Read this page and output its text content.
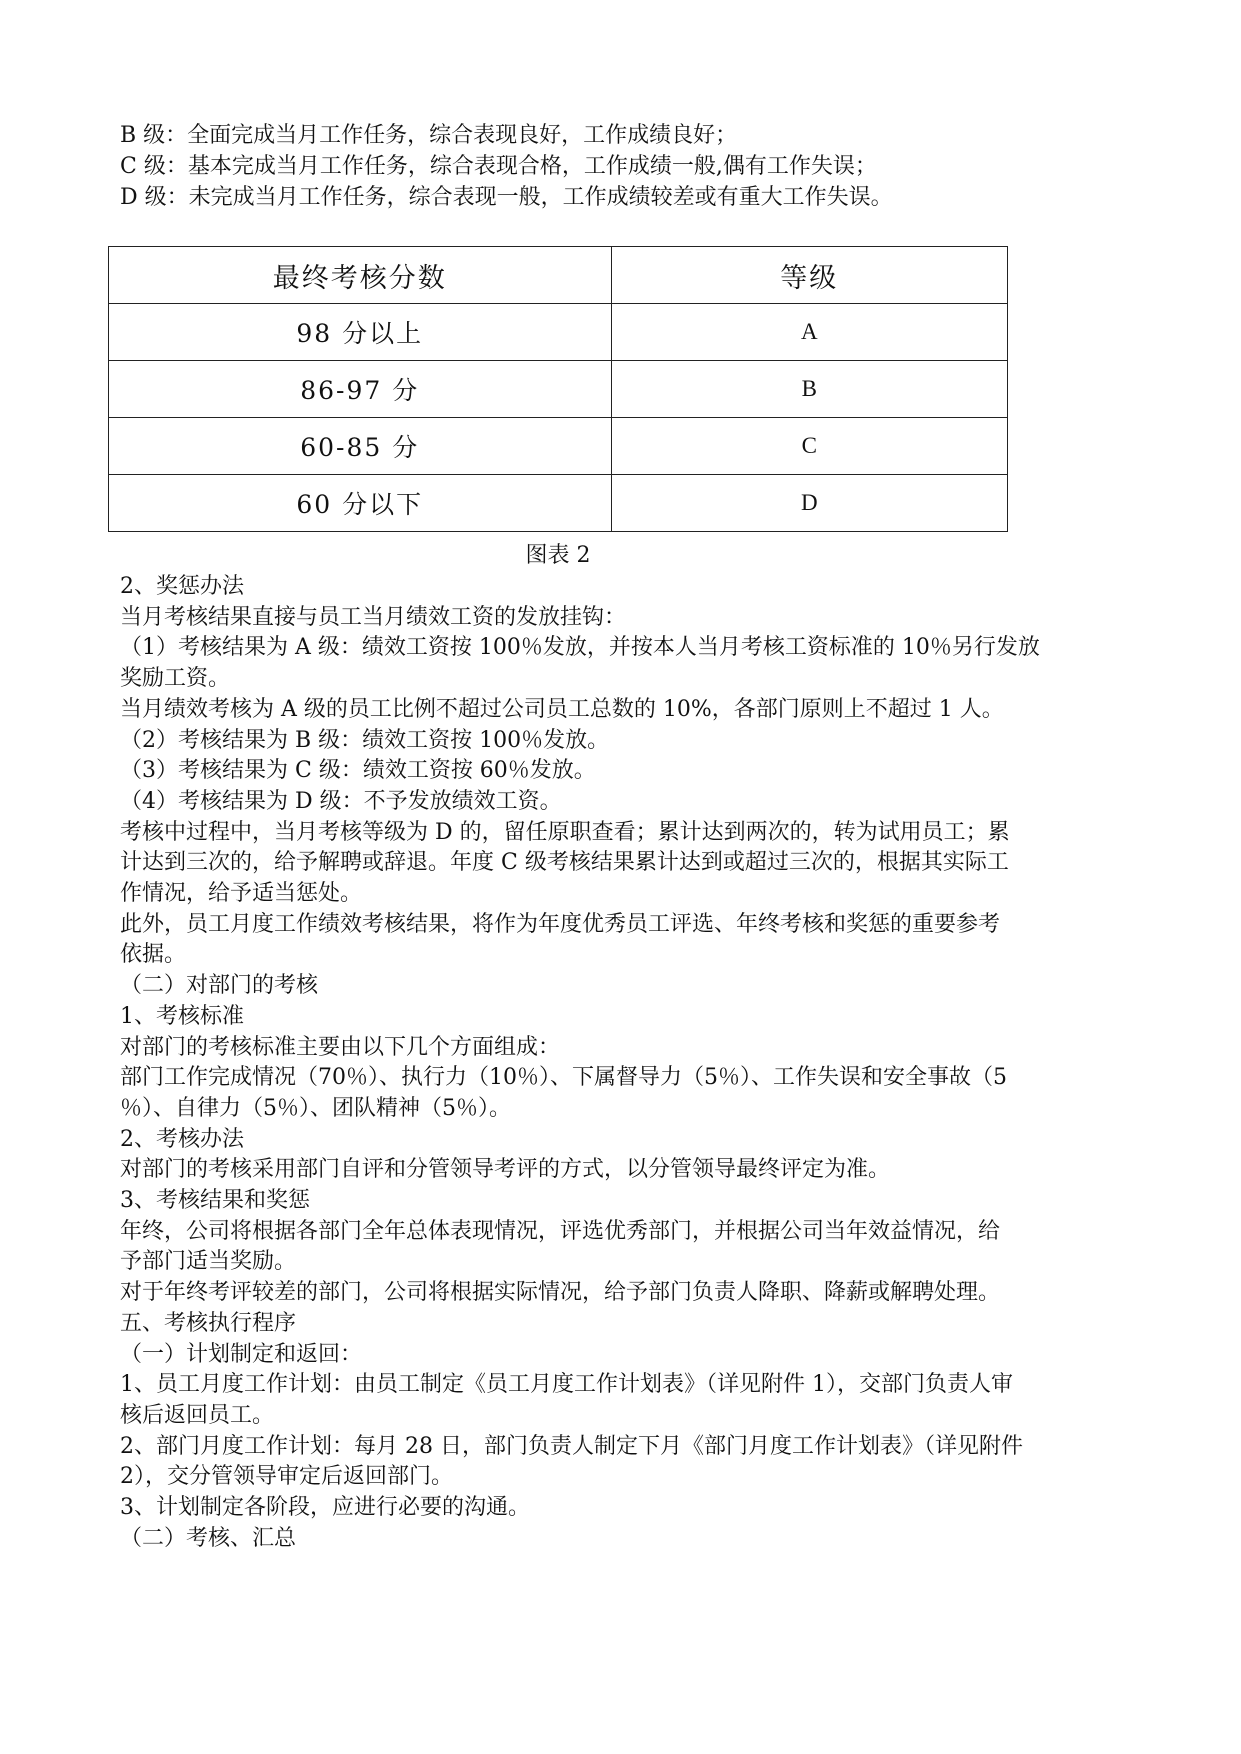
B 级：全面完成当月工作任务，综合表现良好，工作成绩良好；
C 级：基本完成当月工作任务，综合表现合格，工作成绩一般,偶有工作失误；
D 级：未完成当月工作任务，综合表现一般，工作成绩较差或有重大工作失误。
最终考核分数	等级
98 分以上	A
86-97 分	B
60-85 分	C
60 分以下	D
图表 2
2、奖惩办法
当月考核结果直接与员工当月绩效工资的发放挂钩：
（1）考核结果为 A 级：绩效工资按 100％发放，并按本人当月考核工资标准的 10％另行发放
奖励工资。
当月绩效考核为 A 级的员工比例不超过公司员工总数的 10%，各部门原则上不超过 1 人。
（2）考核结果为 B 级：绩效工资按 100％发放。
（3）考核结果为 C 级：绩效工资按 60％发放。
（4）考核结果为 D 级：不予发放绩效工资。
考核中过程中，当月考核等级为 D 的，留任原职查看；累计达到两次的，转为试用员工；累
计达到三次的，给予解聘或辞退。年度 C 级考核结果累计达到或超过三次的，根据其实际工
作情况，给予适当惩处。
此外，员工月度工作绩效考核结果，将作为年度优秀员工评选、年终考核和奖惩的重要参考
依据。
（二）对部门的考核
1、考核标准
对部门的考核标准主要由以下几个方面组成：
部门工作完成情况（70％）、执行力（10％）、下属督导力（5％）、工作失误和安全事故（5
％）、自律力（5％）、团队精神（5％）。
2、考核办法
对部门的考核采用部门自评和分管领导考评的方式，以分管领导最终评定为准。
3、考核结果和奖惩
年终，公司将根据各部门全年总体表现情况，评选优秀部门，并根据公司当年效益情况，给
予部门适当奖励。
对于年终考评较差的部门，公司将根据实际情况，给予部门负责人降职、降薪或解聘处理。
五、考核执行程序
（一）计划制定和返回：
1、员工月度工作计划：由员工制定《员工月度工作计划表》（详见附件 1），交部门负责人审
核后返回员工。
2、部门月度工作计划：每月 28 日，部门负责人制定下月《部门月度工作计划表》（详见附件
2），交分管领导审定后返回部门。
3、计划制定各阶段，应进行必要的沟通。
（二）考核、汇总
